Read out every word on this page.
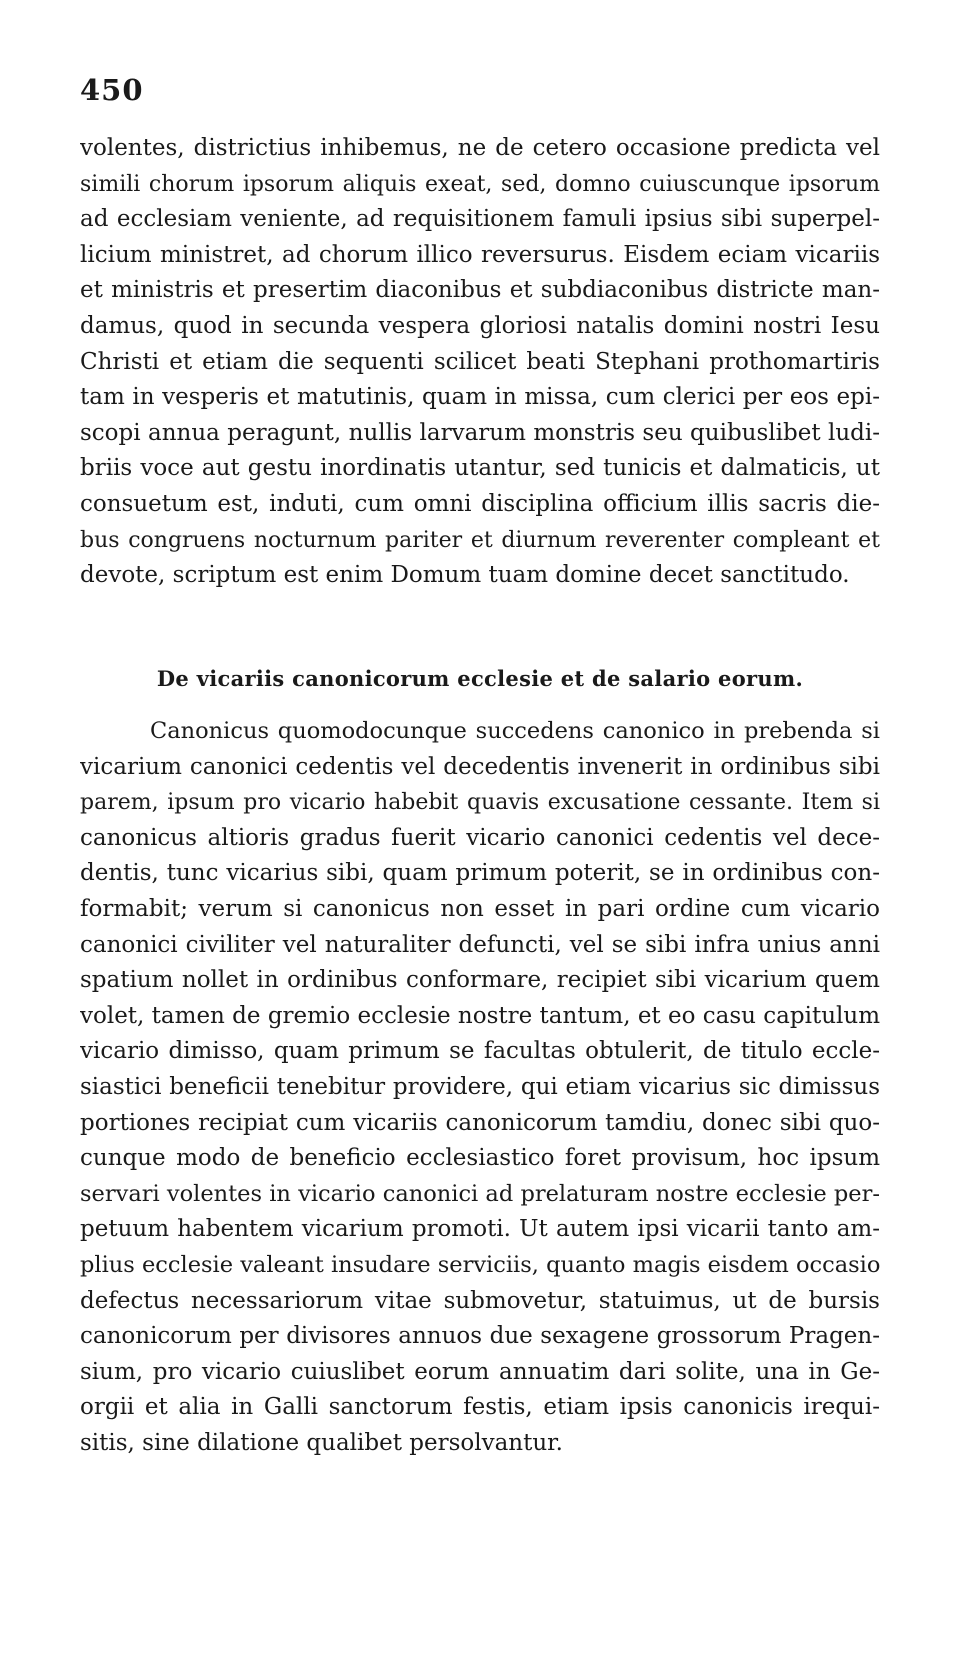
450
volentes, districtius inhibemus, ne de cetero occasione predicta vel
simili chorum ipsorum aliquis exeat, sed, domno cuiuscunque ipsorum
ad ecclesiam veniente, ad requisitionem famuli ipsius sibi superpel-
licium ministret, ad chorum illico reversurus. Eisdem eciam vicariis
et ministris et presertim diaconibus et subdiaconibus districte man-
damus, quod in secunda vespera gloriosi natalis domini nostri Iesu
Christi et etiam die sequenti scilicet beati Stephani prothomartiris
tam in vesperis et matutinis, quam in missa, cum clerici per eos epi-
scopi annua peragunt, nullis larvarum monstris seu quibuslibet ludi-
briis voce aut gestu inordinatis utantur, sed tunicis et dalmaticis, ut
consuetum est, induti, cum omni disciplina officium illis sacris die-
bus congruens nocturnum pariter et diurnum reverenter compleant et
devote, scriptum est enim Domum tuam domine decet sanctitudo.
De vicariis canonicorum ecclesie et de salario eorum.
Canonicus quomodocunque succedens canonico in prebenda si
vicarium canonici cedentis vel decedentis invenerit in ordinibus sibi
parem, ipsum pro vicario habebit quavis excusatione cessante. Item si
canonicus altioris gradus fuerit vicario canonici cedentis vel dece-
dentis, tunc vicarius sibi, quam primum poterit, se in ordinibus con-
formabit; verum si canonicus non esset in pari ordine cum vicario
canonici civiliter vel naturaliter defuncti, vel se sibi infra unius anni
spatium nollet in ordinibus conformare, recipiet sibi vicarium quem
volet, tamen de gremio ecclesie nostre tantum, et eo casu capitulum
vicario dimisso, quam primum se facultas obtulerit, de titulo eccle-
siastici beneficii tenebitur providere, qui etiam vicarius sic dimissus
portiones recipiat cum vicariis canonicorum tamdiu, donec sibi quo-
cunque modo de beneficio ecclesiastico foret provisum, hoc ipsum
servari volentes in vicario canonici ad prelaturam nostre ecclesie per-
petuum habentem vicarium promoti. Ut autem ipsi vicarii tanto am-
plius ecclesie valeant insudare serviciis, quanto magis eisdem occasio
defectus necessariorum vitae submovetur, statuimus, ut de bursis
canonicorum per divisores annuos due sexagene grossorum Pragen-
sium, pro vicario cuiuslibet eorum annuatim dari solite, una in Ge-
orgii et alia in Galli sanctorum festis, etiam ipsis canonicis irequi-
sitis, sine dilatione qualibet persolvantur.
